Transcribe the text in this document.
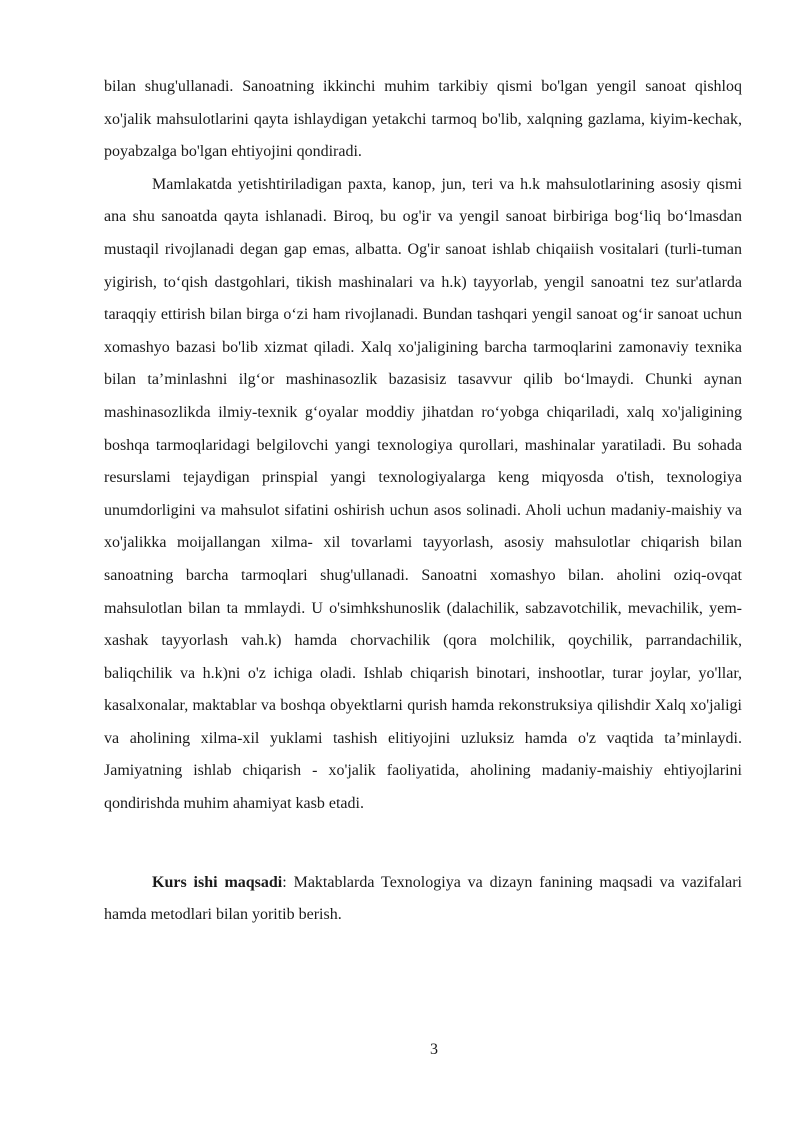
bilan shug'ullanadi. Sanoatning ikkinchi muhim tarkibiy qismi bo'lgan yengil sanoat qishloq xo'jalik mahsulotlarini qayta ishlaydigan yetakchi tarmoq bo'lib, xalqning gazlama, kiyim-kechak, poyabzalga bo'lgan ehtiyojini qondiradi.

Mamlakatda yetishtiriladigan paxta, kanop, jun, teri va h.k mahsulotlarining asosiy qismi ana shu sanoatda qayta ishlanadi. Biroq, bu og'ir va yengil sanoat birbiriga bog‘liq bo‘lmasdan mustaqil rivojlanadi degan gap emas, albatta. Og'ir sanoat ishlab chiqaiish vositalari (turli-tuman yigirish, to‘qish dastgohlari, tikish mashinalari va h.k) tayyorlab, yengil sanoatni tez sur'atlarda taraqqiy ettirish bilan birga o‘zi ham rivojlanadi. Bundan tashqari yengil sanoat og‘ir sanoat uchun xomashyo bazasi bo'lib xizmat qiladi. Xalq xo'jaligining barcha tarmoqlarini zamonaviy texnika bilan ta’minlashni ilg‘or mashinasozlik bazasisiz tasavvur qilib bo‘lmaydi. Chunki aynan mashinasozlikda ilmiy-texnik g‘oyalar moddiy jihatdan ro‘yobga chiqariladi, xalq xo'jaligining boshqa tarmoqlaridagi belgilovchi yangi texnologiya qurollari, mashinalar yaratiladi. Bu sohada resurslami tejaydigan prinspial yangi texnologiyalarga keng miqyosda o'tish, texnologiya unumdorligini va mahsulot sifatini oshirish uchun asos solinadi. Aholi uchun madaniy-maishiy va xo'jalikka moijallangan xilma- xil tovarlami tayyorlash, asosiy mahsulotlar chiqarish bilan sanoatning barcha tarmoqlari shug'ullanadi. Sanoatni xomashyo bilan. aholini oziq-ovqat mahsulotlan bilan ta mmlaydi. U o'simhkshunoslik (dalachilik, sabzavotchilik, mevachilik, yem-xashak tayyorlash vah.k) hamda chorvachilik (qora molchilik, qoychilik, parrandachilik, baliqchilik va h.k)ni o'z ichiga oladi. Ishlab chiqarish binotari, inshootlar, turar joylar, yo'llar, kasalxonalar, maktablar va boshqa obyektlarni qurish hamda rekonstruksiya qilishdir Xalq xo'jaligi va aholining xilma-xil yuklami tashish elitiyojini uzluksiz hamda o'z vaqtida ta’minlaydi. Jamiyatning ishlab chiqarish - xo'jalik faoliyatida, aholining madaniy-maishiy ehtiyojlarini qondirishda muhim ahamiyat kasb etadi.

Kurs ishi maqsadi: Maktablarda Texnologiya va dizayn fanining maqsadi va vazifalari hamda metodlari bilan yoritib berish.

3
